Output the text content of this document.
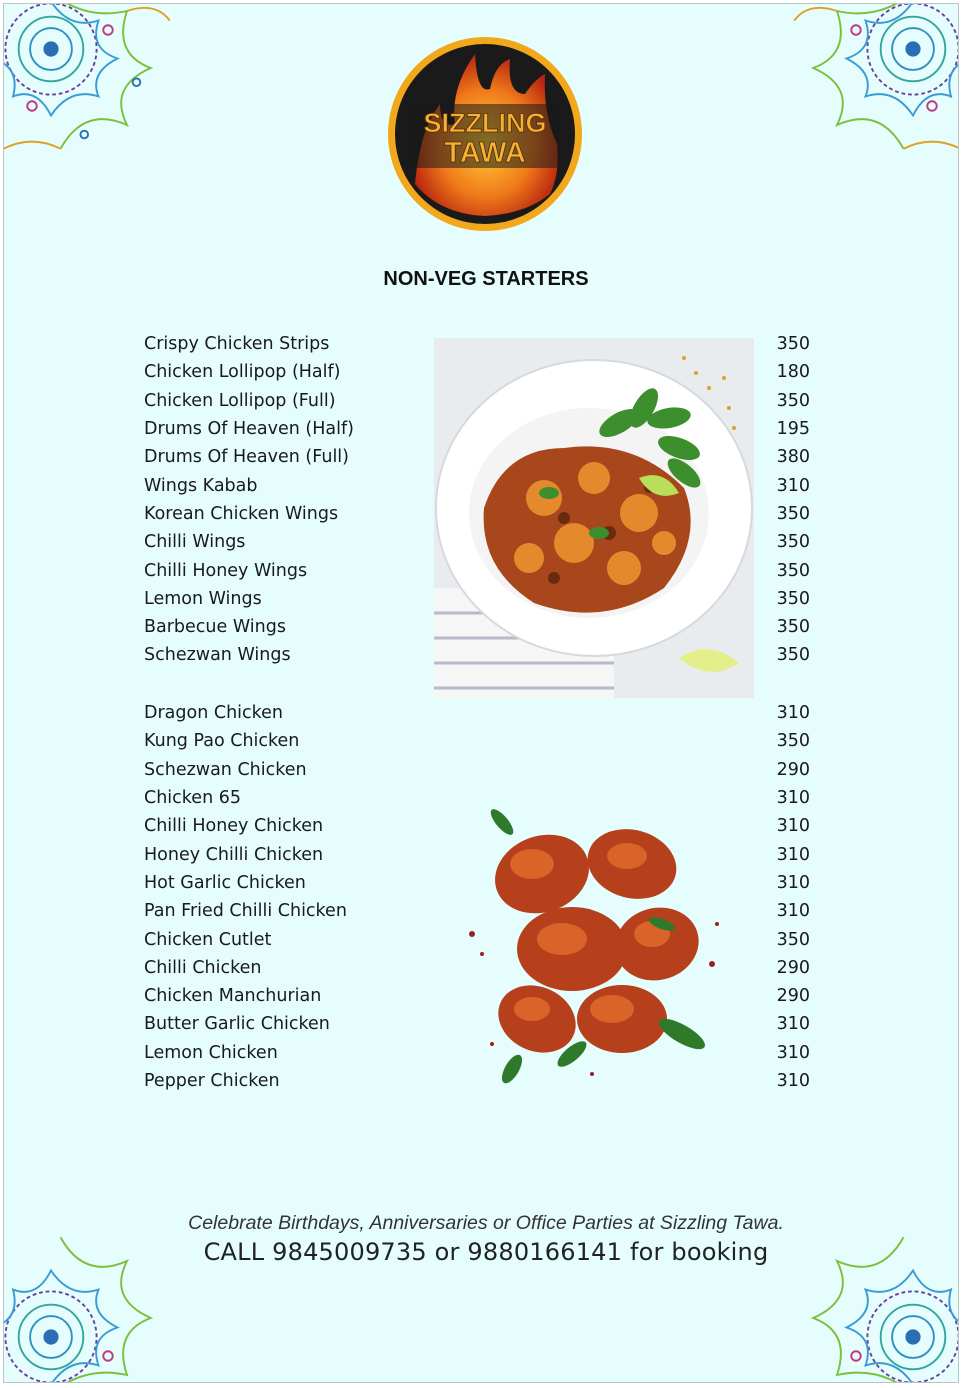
SIZZLING
TAWA
NON-VEG STARTERS
Crispy Chicken Strips	350
Chicken Lollipop (Half)	180
Chicken Lollipop (Full)	350
Drums Of Heaven (Half)	195
Drums Of Heaven (Full)	380
Wings Kabab	310
Korean Chicken Wings	350
Chilli Wings	350
Chilli Honey Wings	350
Lemon Wings	350
Barbecue Wings	350
Schezwan Wings	350
Dragon Chicken	310
Kung Pao Chicken	350
Schezwan Chicken	290
Chicken 65	310
Chilli Honey Chicken	310
Honey Chilli Chicken	310
Hot Garlic Chicken	310
Pan Fried Chilli Chicken	310
Chicken Cutlet	350
Chilli Chicken	290
Chicken Manchurian	290
Butter Garlic Chicken	310
Lemon Chicken	310
Pepper Chicken	310
Celebrate Birthdays, Anniversaries or Office Parties at Sizzling Tawa.
CALL 9845009735 or 9880166141 for booking
